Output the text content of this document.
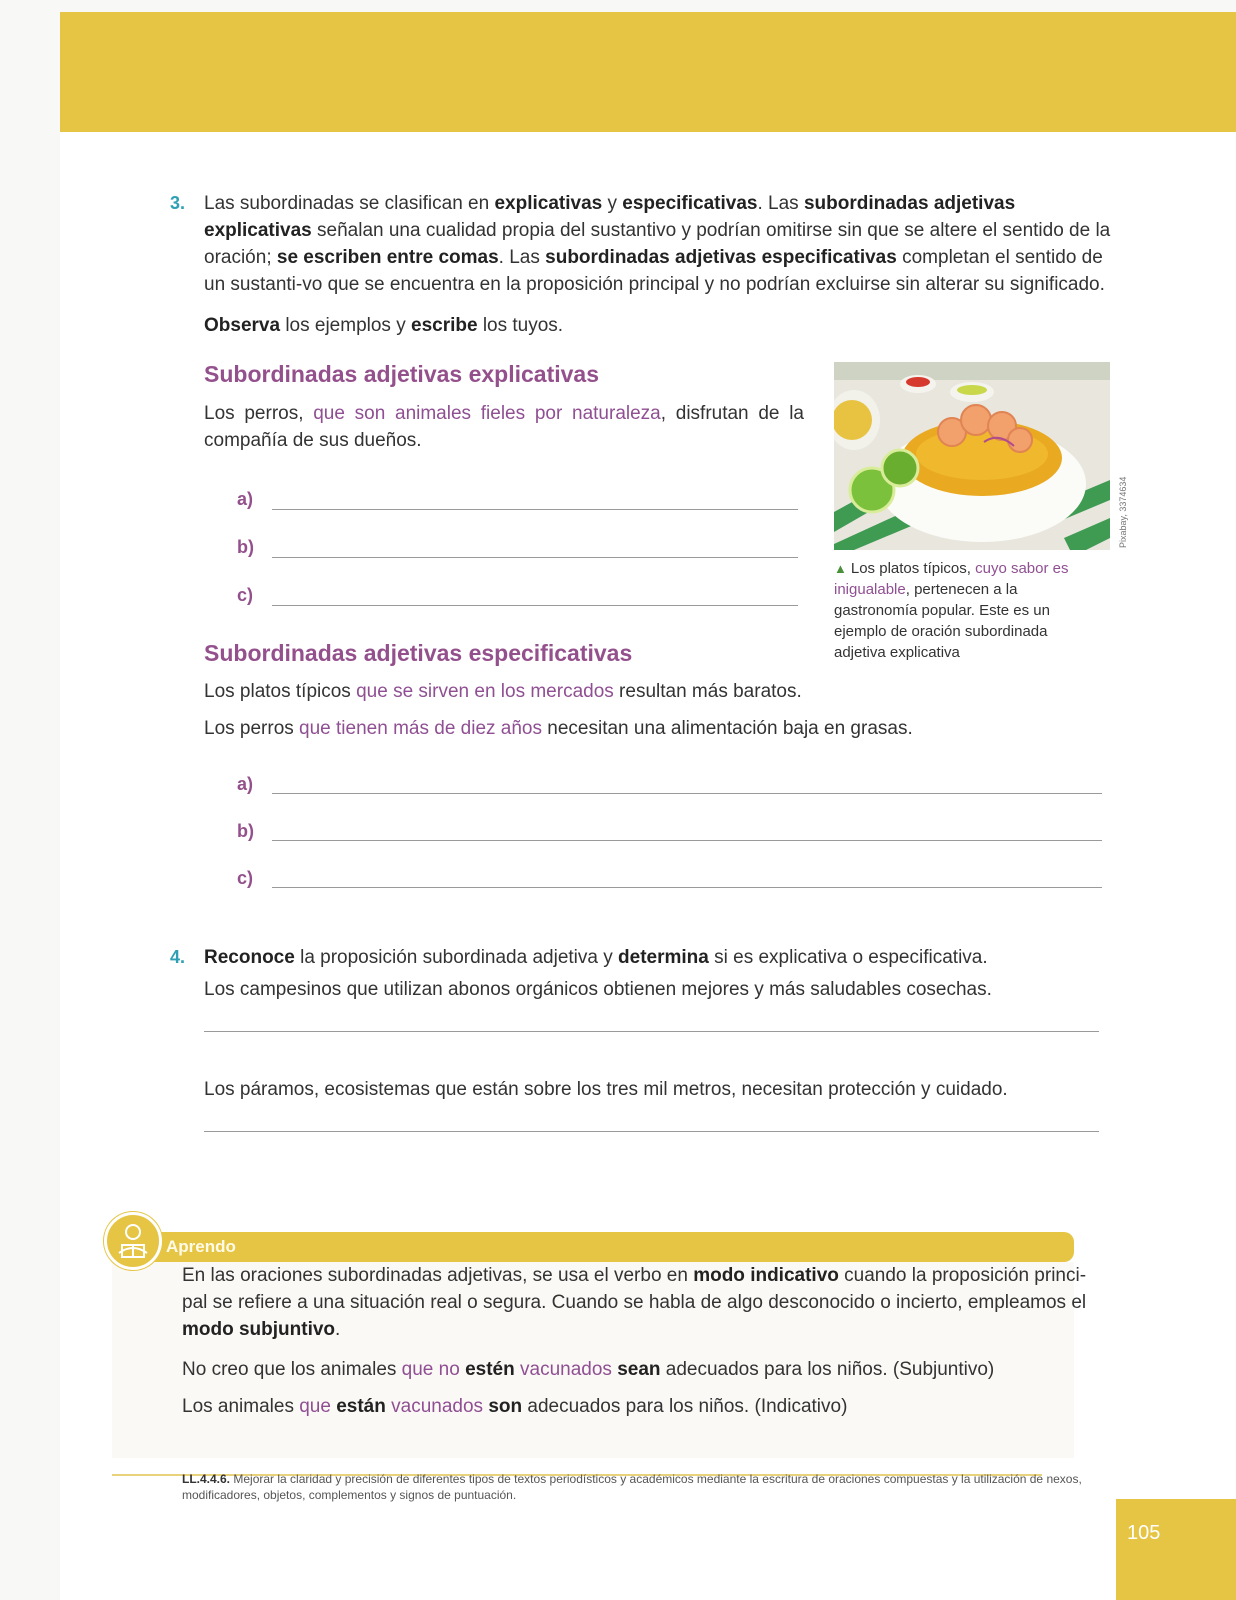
3. Las subordinadas se clasifican en explicativas y especificativas. Las subordinadas adjetivas explicativas señalan una cualidad propia del sustantivo y podrían omitirse sin que se altere el sentido de la oración; se escriben entre comas. Las subordinadas adjetivas especificativas completan el sentido de un sustanti-vo que se encuentra en la proposición principal y no podrían excluirse sin alterar su significado.
Observa los ejemplos y escribe los tuyos.
Subordinadas adjetivas explicativas
Los perros, que son animales fieles por naturaleza, disfrutan de la compañía de sus dueños.
a)
b)
c)
Pixabay, 3374634
▲ Los platos típicos, cuyo sabor es inigualable, pertenecen a la gastronomía popular. Este es un ejemplo de oración subordinada adjetiva explicativa
Subordinadas adjetivas especificativas
Los platos típicos que se sirven en los mercados resultan más baratos.
Los perros que tienen más de diez años necesitan una alimentación baja en grasas.
a)
b)
c)
4. Reconoce la proposición subordinada adjetiva y determina si es explicativa o especificativa.
Los campesinos que utilizan abonos orgánicos obtienen mejores y más saludables cosechas.
Los páramos, ecosistemas que están sobre los tres mil metros, necesitan protección y cuidado.
Aprendo
En las oraciones subordinadas adjetivas, se usa el verbo en modo indicativo cuando la proposición princi-pal se refiere a una situación real o segura. Cuando se habla de algo desconocido o incierto, empleamos el modo subjuntivo.
No creo que los animales que no estén vacunados sean adecuados para los niños. (Subjuntivo)
Los animales que están vacunados son adecuados para los niños. (Indicativo)
LL.4.4.6. Mejorar la claridad y precisión de diferentes tipos de textos periodísticos y académicos mediante la escritura de oraciones compuestas y la utilización de nexos, modificadores, objetos, complementos y signos de puntuación.
105
